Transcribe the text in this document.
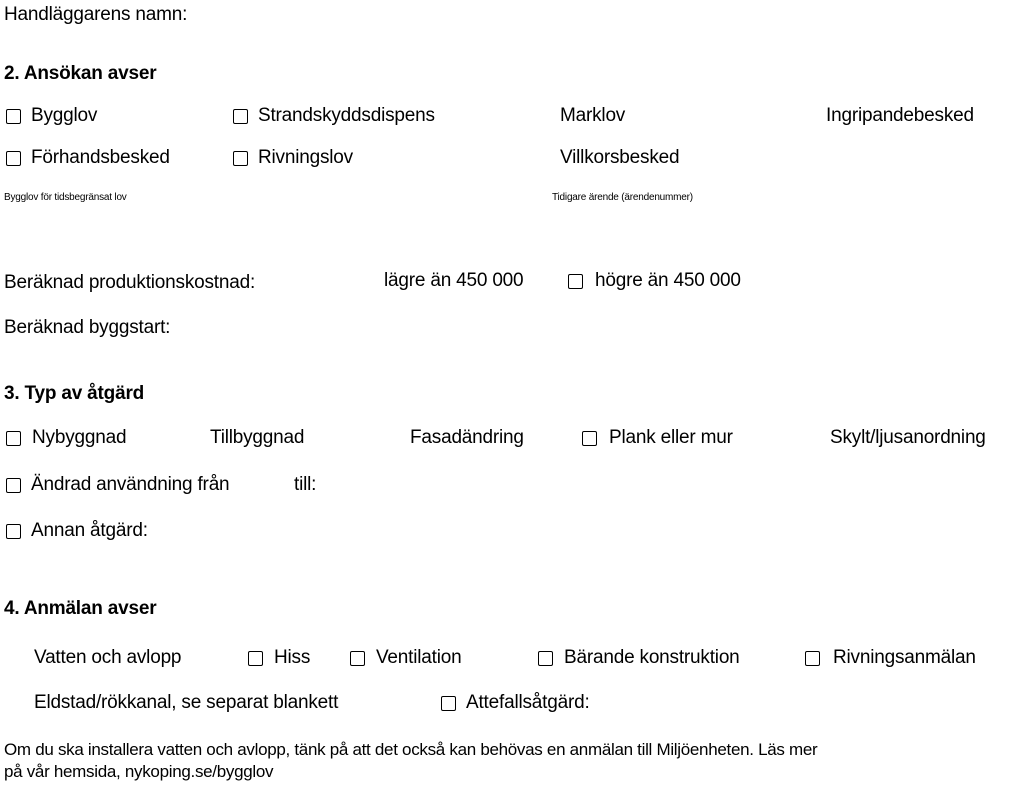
Handläggarens namn:
2. Ansökan avser
Bygglov	Strandskyddsdispens	Marklov	Ingripandebesked
Förhandsbesked	Rivningslov	Villkorsbesked
Bygglov för tidsbegränsat lov	Tidigare ärende (ärendenummer)
Beräknad produktionskostnad:	lägre än 450 000	högre än 450 000
Beräknad byggstart:
3. Typ av åtgärd
Nybyggnad	Tillbyggnad	Fasadändring	Plank eller mur	Skylt/ljusanordning
Ändrad användning från	till:
Annan åtgärd:
4. Anmälan avser
Vatten och avlopp	Hiss	Ventilation	Bärande konstruktion	Rivningsanmälan
Eldstad/rökkanal, se separat blankett	Attefallsåtgärd:
Om du ska installera vatten och avlopp, tänk på att det också kan behövas en anmälan till Miljöenheten. Läs mer
på vår hemsida, nykoping.se/bygglov
